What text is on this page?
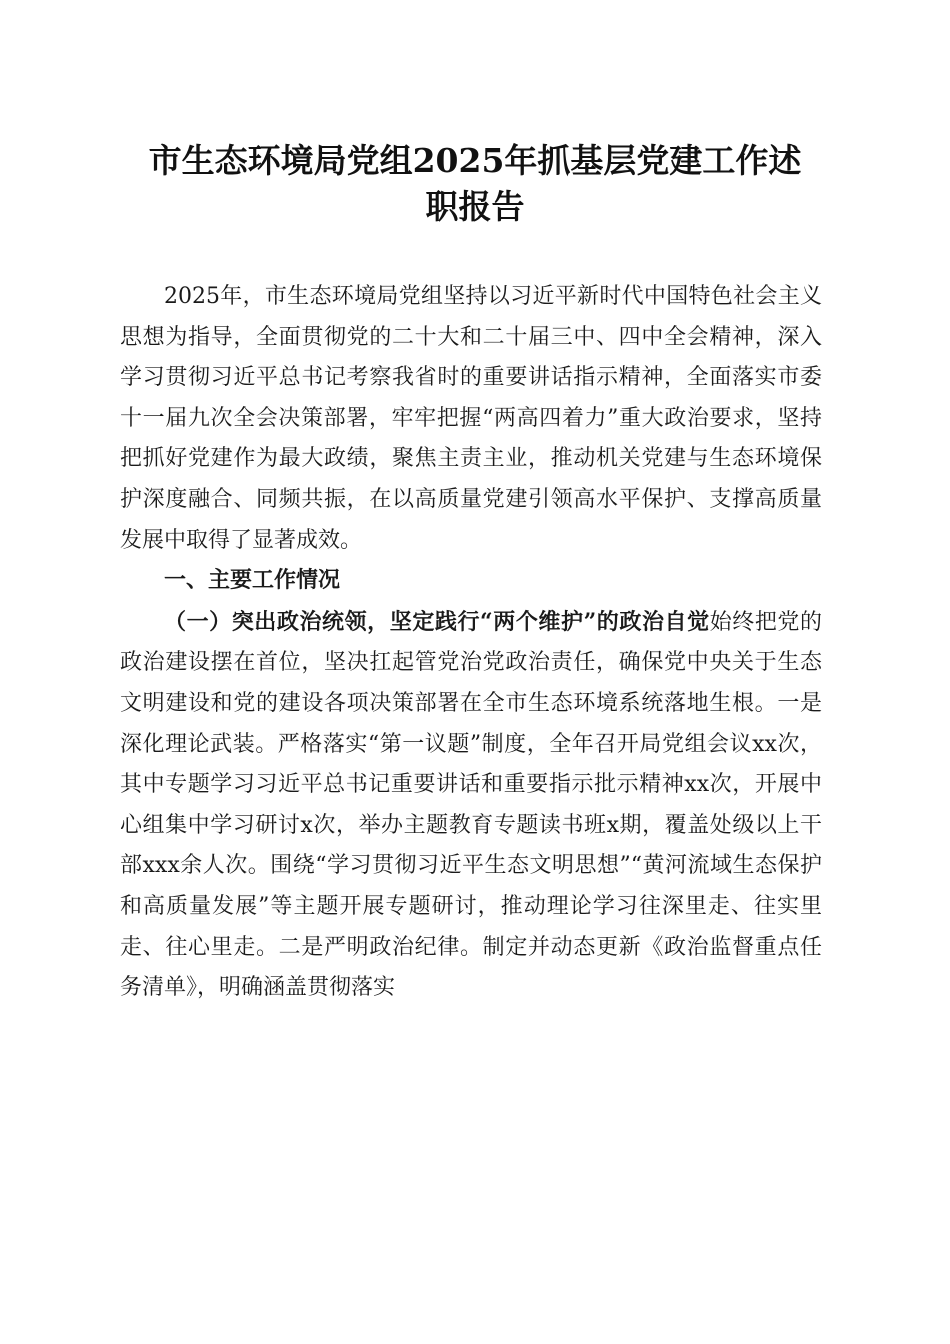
市生态环境局党组2025年抓基层党建工作述
职报告

2025年，市生态环境局党组坚持以习近平新时代中国特色社会主义思想为指导，全面贯彻党的二十大和二十届三中、四中全会精神，深入学习贯彻习近平总书记考察我省时的重要讲话指示精神，全面落实市委十一届九次全会决策部署，牢牢把握“两高四着力”重大政治要求，坚持把抓好党建作为最大政绩，聚焦主责主业，推动机关党建与生态环境保护深度融合、同频共振，在以高质量党建引领高水平保护、支撑高质量发展中取得了显著成效。

一、主要工作情况

（一）突出政治统领，坚定践行“两个维护”的政治自觉始终把党的政治建设摆在首位，坚决扛起管党治党政治责任，确保党中央关于生态文明建设和党的建设各项决策部署在全市生态环境系统落地生根。一是深化理论武装。严格落实“第一议题”制度，全年召开局党组会议xx次，其中专题学习习近平总书记重要讲话和重要指示批示精神xx次，开展中心组集中学习研讨x次，举办主题教育专题读书班x期，覆盖处级以上干部xxx余人次。围绕“学习贯彻习近平生态文明思想”“黄河流域生态保护和高质量发展”等主题开展专题研讨，推动理论学习往深里走、往实里走、往心里走。二是严明政治纪律。制定并动态更新《政治监督重点任务清单》，明确涵盖贯彻落实
